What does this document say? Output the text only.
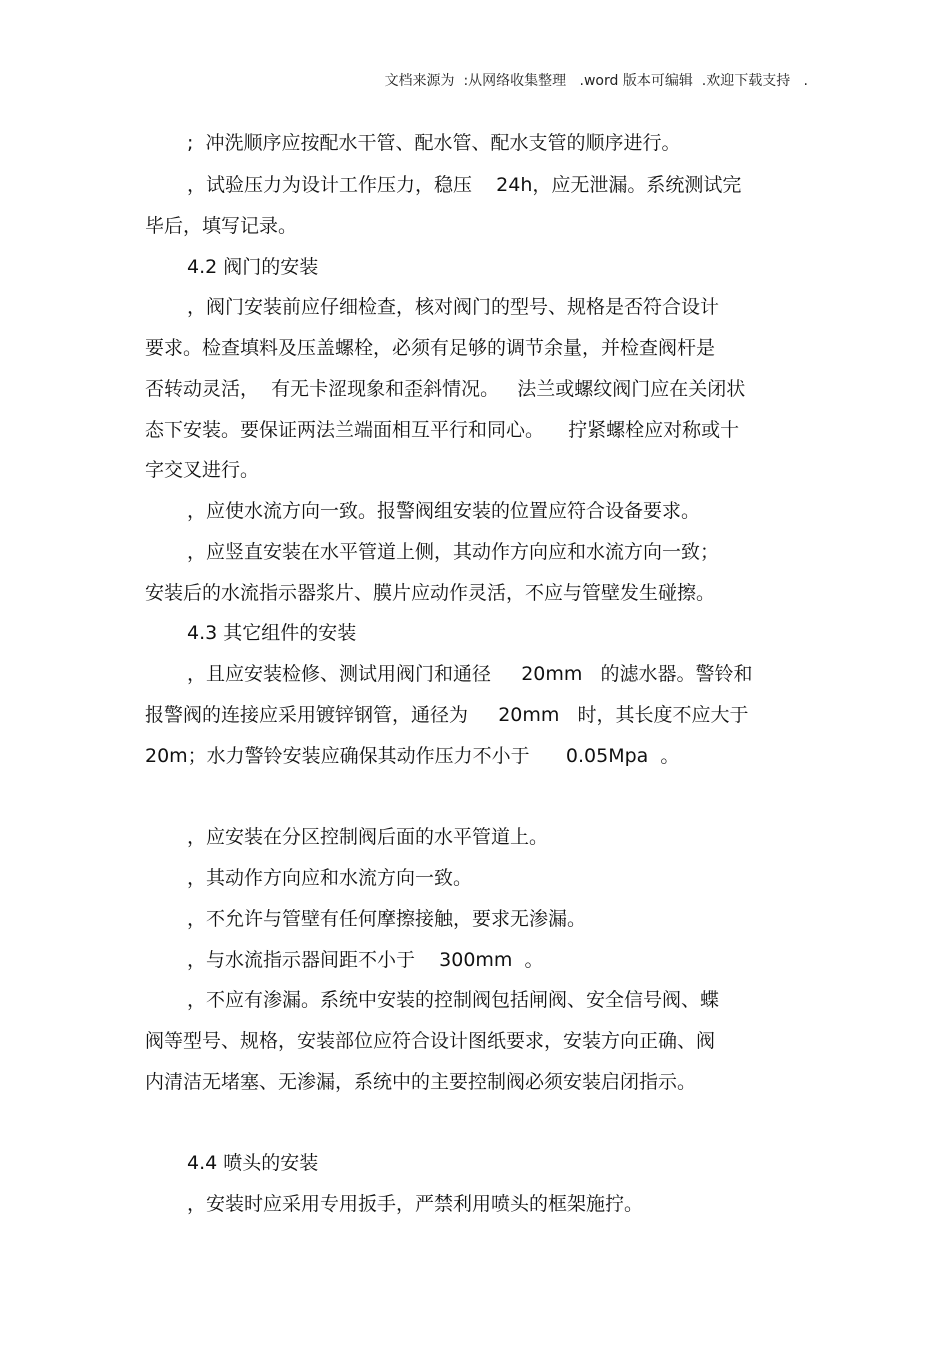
文档来源为  :从网络收集整理   .word 版本可编辑  .欢迎下载支持   .
;  冲洗顺序应按配水干管、配水管、配水支管的顺序进行。
，试验压力为设计工作压力，稳压    24h，应无泄漏。系统测试完
毕后，填写记录。
4.2 阀门的安装
，阀门安装前应仔细检查，核对阀门的型号、规格是否符合设计
要求。检查填料及压盖螺栓，必须有足够的调节余量，并检查阀杆是
否转动灵活，  有无卡涩现象和歪斜情况。   法兰或螺纹阀门应在关闭状
态下安装。要保证两法兰端面相互平行和同心。    拧紧螺栓应对称或十
字交叉进行。
，应使水流方向一致。报警阀组安装的位置应符合设备要求。
，应竖直安装在水平管道上侧，其动作方向应和水流方向一致；
安装后的水流指示器浆片、膜片应动作灵活，不应与管壁发生碰擦。
4.3 其它组件的安装
，且应安装检修、测试用阀门和通径     20mm   的滤水器。警铃和
报警阀的连接应采用镀锌钢管，通径为     20mm   时，其长度不应大于
20m；水力警铃安装应确保其动作压力不小于      0.05Mpa  。
，应安装在分区控制阀后面的水平管道上。
，其动作方向应和水流方向一致。
，不允许与管壁有任何摩擦接触，要求无渗漏。
，与水流指示器间距不小于    300mm  。
，不应有渗漏。系统中安装的控制阀包括闸阀、安全信号阀、蝶
阀等型号、规格，安装部位应符合设计图纸要求，安装方向正确、阀
内清洁无堵塞、无渗漏，系统中的主要控制阀必须安装启闭指示。
4.4 喷头的安装
，安装时应采用专用扳手，严禁利用喷头的框架施拧。
